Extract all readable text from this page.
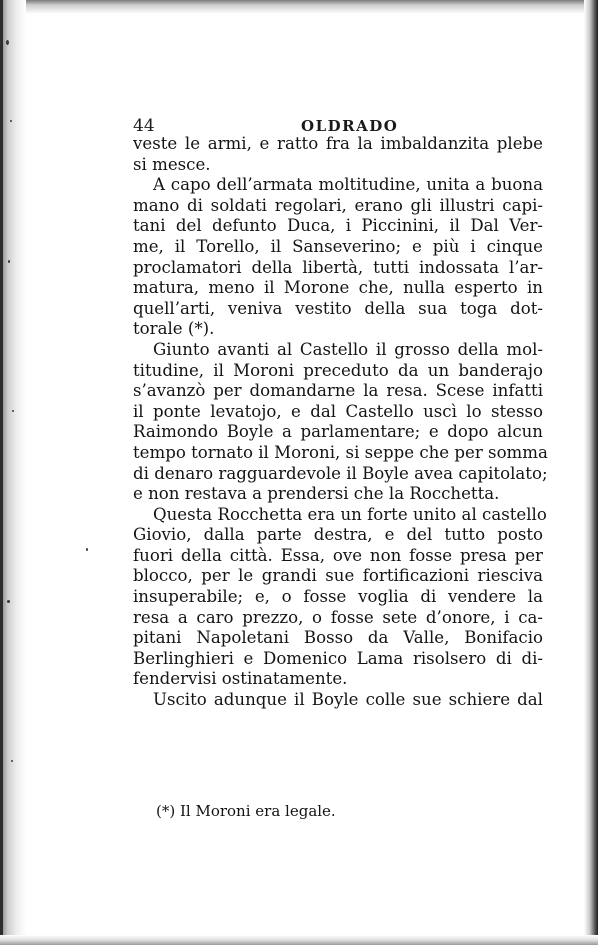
44	OLDRADO
veste le armi, e ratto fra la imbaldanzita plebe
si mesce.
A capo dell’armata moltitudine, unita a buona
mano di soldati regolari, erano gli illustri capi-
tani del defunto Duca, i Piccinini, il Dal Ver-
me, il Torello, il Sanseverino; e più i cinque
proclamatori della libertà, tutti indossata l’ar-
matura, meno il Morone che, nulla esperto in
quell’arti, veniva vestito della sua toga dot-
torale (*).
Giunto avanti al Castello il grosso della mol-
titudine, il Moroni preceduto da un banderajo
s’avanzò per domandarne la resa. Scese infatti
il ponte levatojo, e dal Castello uscì lo stesso
Raimondo Boyle a parlamentare; e dopo alcun
tempo tornato il Moroni, si seppe che per somma
di denaro ragguardevole il Boyle avea capitolato;
e non restava a prendersi che la Rocchetta.
Questa Rocchetta era un forte unito al castello
Giovio, dalla parte destra, e del tutto posto
fuori della città. Essa, ove non fosse presa per
blocco, per le grandi sue fortificazioni riesciva
insuperabile; e, o fosse voglia di vendere la
resa a caro prezzo, o fosse sete d’onore, i ca-
pitani Napoletani Bosso da Valle, Bonifacio
Berlinghieri e Domenico Lama risolsero di di-
fendervisi ostinatamente.
Uscito adunque il Boyle colle sue schiere dal
(*) Il Moroni era legale.
